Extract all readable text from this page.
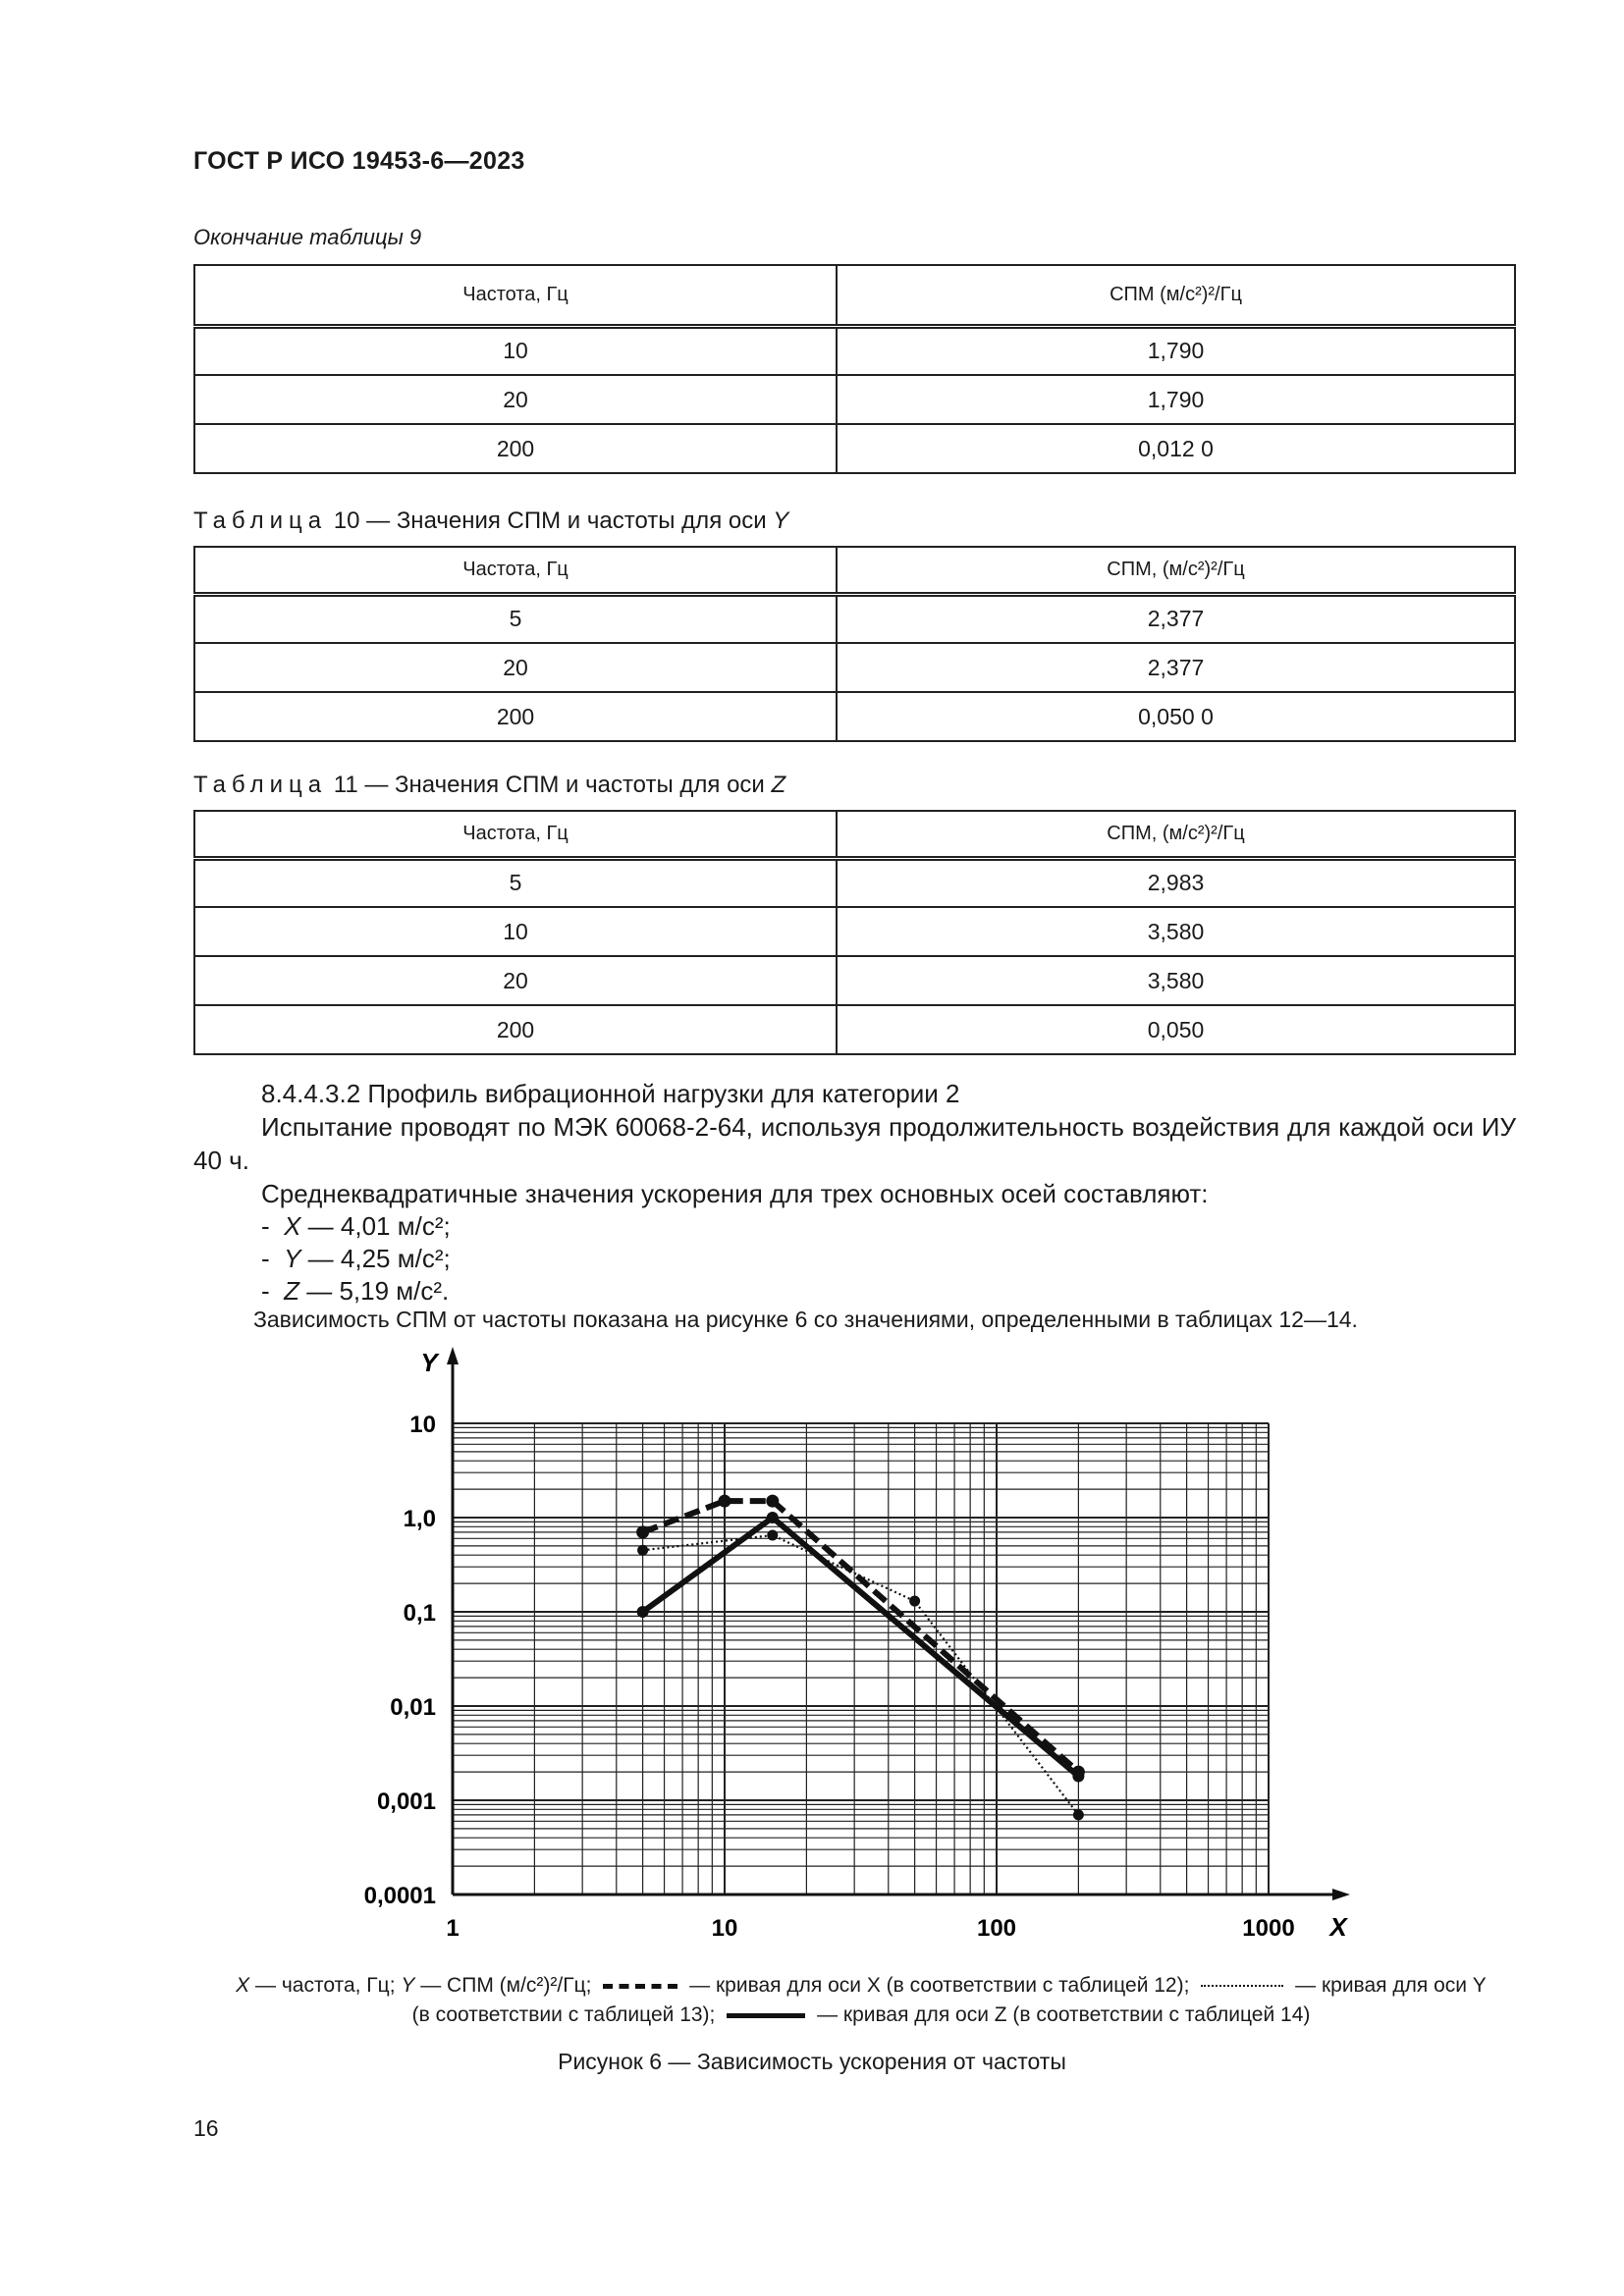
ГОСТ Р ИСО 19453-6—2023
Окончание таблицы 9
Частота, Гц	СПМ (м/с²)²/Гц
10	1,790
20	1,790
200	0,012 0
Таблица 10 — Значения СПМ и частоты для оси Y
Частота, Гц	СПМ, (м/с²)²/Гц
5	2,377
20	2,377
200	0,050 0
Таблица 11 — Значения СПМ и частоты для оси Z
Частота, Гц	СПМ, (м/с²)²/Гц
5	2,983
10	3,580
20	3,580
200	0,050
8.4.4.3.2 Профиль вибрационной нагрузки для категории 2
Испытание проводят по МЭК 60068-2-64, используя продолжительность воздействия для каждой оси ИУ 40 ч.
Среднеквадратичные значения ускорения для трех основных осей составляют:
-  X — 4,01 м/с²;
-  Y — 4,25 м/с²;
-  Z — 5,19 м/с².
Зависимость СПМ от частоты показана на рисунке 6 со значениями, определенными в таблицах 12—14.
Y
X
1	10	100	1000
0,0001
0,001
0,01
0,1
1,0
10
X — частота, Гц; Y — СПМ (м/с²)²/Гц;	— кривая для оси X (в соответствии с таблицей 12);	— кривая для оси Y
(в соответствии с таблицей 13);	— кривая для оси Z (в соответствии с таблицей 14)
Рисунок 6 — Зависимость ускорения от частоты
16
